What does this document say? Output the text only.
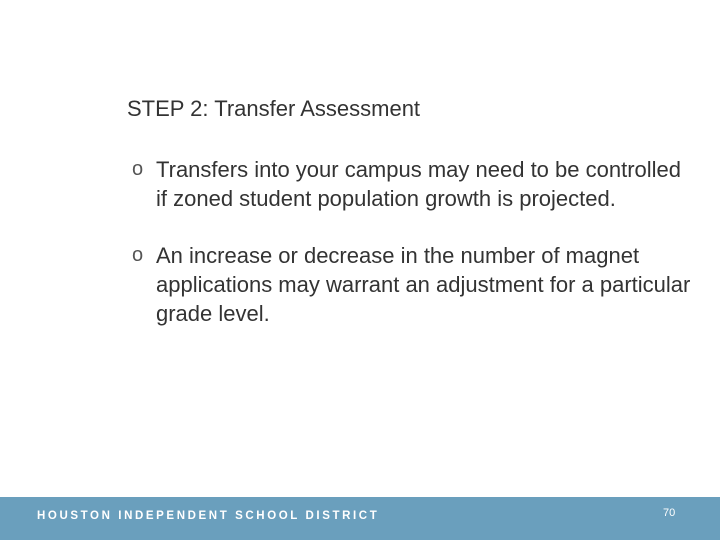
STEP 2: Transfer Assessment
o Transfers into your campus may need to be controlled if zoned student population growth is projected.
o An increase or decrease in the number of magnet applications may warrant an adjustment for a particular grade level.
HOUSTON INDEPENDENT SCHOOL DISTRICT	70
